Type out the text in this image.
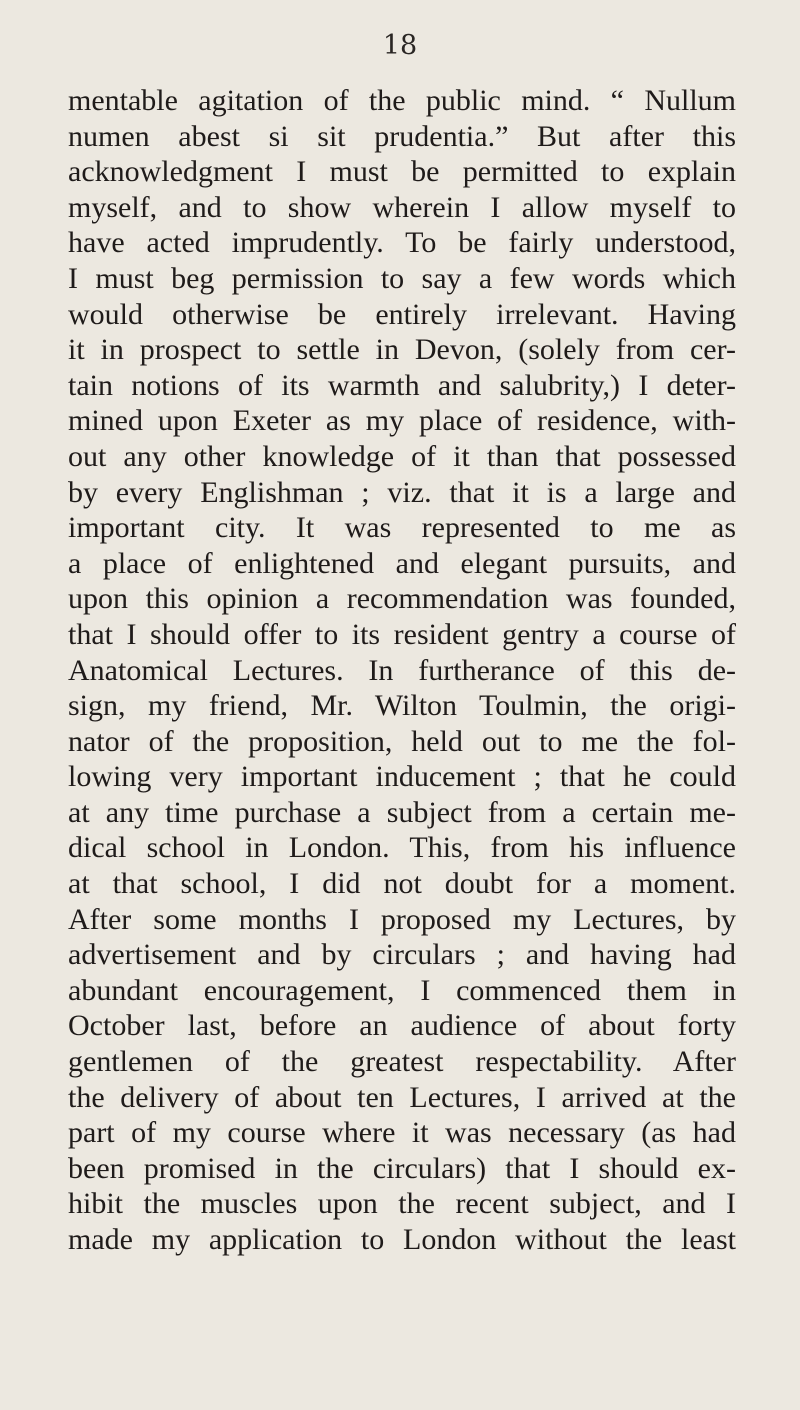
18

mentable agitation of the public mind. “ Nullum
numen abest si sit prudentia.” But after this
acknowledgment I must be permitted to explain
myself, and to show wherein I allow myself to
have acted imprudently. To be fairly understood,
I must beg permission to say a few words which
would otherwise be entirely irrelevant. Having
it in prospect to settle in Devon, (solely from cer-
tain notions of its warmth and salubrity,) I deter-
mined upon Exeter as my place of residence, with-
out any other knowledge of it than that possessed
by every Englishman ; viz. that it is a large and
important city. It was represented to me as
a place of enlightened and elegant pursuits, and
upon this opinion a recommendation was founded,
that I should offer to its resident gentry a course of
Anatomical Lectures. In furtherance of this de-
sign, my friend, Mr. Wilton Toulmin, the origi-
nator of the proposition, held out to me the fol-
lowing very important inducement ; that he could
at any time purchase a subject from a certain me-
dical school in London. This, from his influence
at that school, I did not doubt for a moment.
After some months I proposed my Lectures, by
advertisement and by circulars ; and having had
abundant encouragement, I commenced them in
October last, before an audience of about forty
gentlemen of the greatest respectability. After
the delivery of about ten Lectures, I arrived at the
part of my course where it was necessary (as had
been promised in the circulars) that I should ex-
hibit the muscles upon the recent subject, and I
made my application to London without the least
